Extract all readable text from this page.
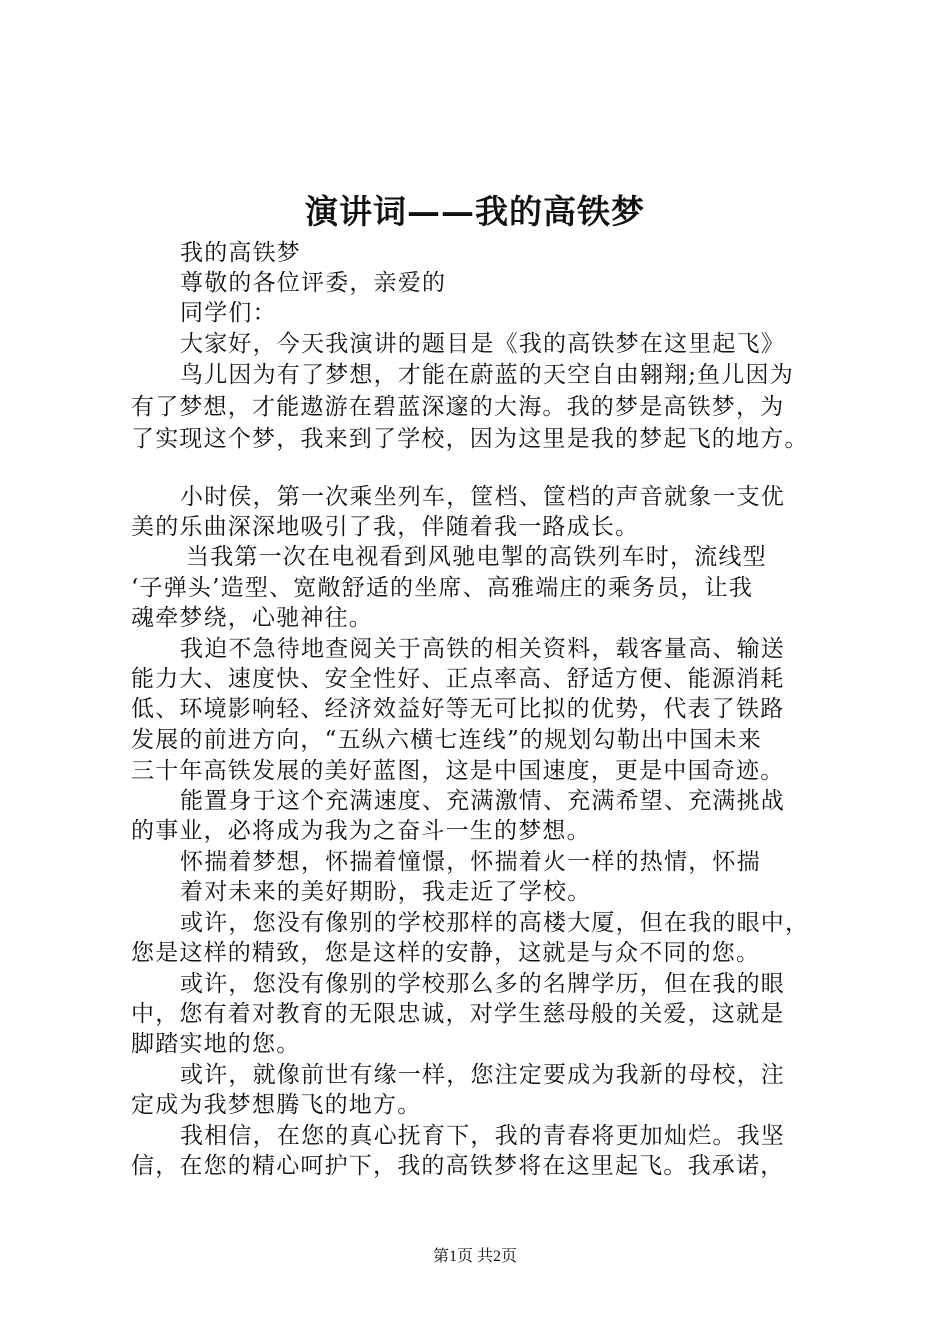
演讲词——我的高铁梦
我的高铁梦
尊敬的各位评委，亲爱的
同学们：
大家好，今天我演讲的题目是《我的高铁梦在这里起飞》
鸟儿因为有了梦想，才能在蔚蓝的天空自由翱翔;鱼儿因为
有了梦想，才能遨游在碧蓝深邃的大海。我的梦是高铁梦，为
了实现这个梦，我来到了学校，因为这里是我的梦起飞的地方。
小时侯，第一次乘坐列车，筐档、筐档的声音就象一支优
美的乐曲深深地吸引了我，伴随着我一路成长。
当我第一次在电视看到风驰电掣的高铁列车时，流线型
‘子弹头’造型、宽敞舒适的坐席、高雅端庄的乘务员，让我
魂牵梦绕，心驰神往。
我迫不急待地查阅关于高铁的相关资料，载客量高、输送
能力大、速度快、安全性好、正点率高、舒适方便、能源消耗
低、环境影响轻、经济效益好等无可比拟的优势，代表了铁路
发展的前进方向，“五纵六横七连线”的规划勾勒出中国未来
三十年高铁发展的美好蓝图，这是中国速度，更是中国奇迹。
能置身于这个充满速度、充满激情、充满希望、充满挑战
的事业，必将成为我为之奋斗一生的梦想。
怀揣着梦想，怀揣着憧憬，怀揣着火一样的热情，怀揣
着对未来的美好期盼，我走近了学校。
或许，您没有像别的学校那样的高楼大厦，但在我的眼中，
您是这样的精致，您是这样的安静，这就是与众不同的您。
或许，您没有像别的学校那么多的名牌学历，但在我的眼
中，您有着对教育的无限忠诚，对学生慈母般的关爱，这就是
脚踏实地的您。
或许，就像前世有缘一样，您注定要成为我新的母校，注
定成为我梦想腾飞的地方。
我相信，在您的真心抚育下，我的青春将更加灿烂。我坚
信，在您的精心呵护下，我的高铁梦将在这里起飞。我承诺，
第1页 共2页
